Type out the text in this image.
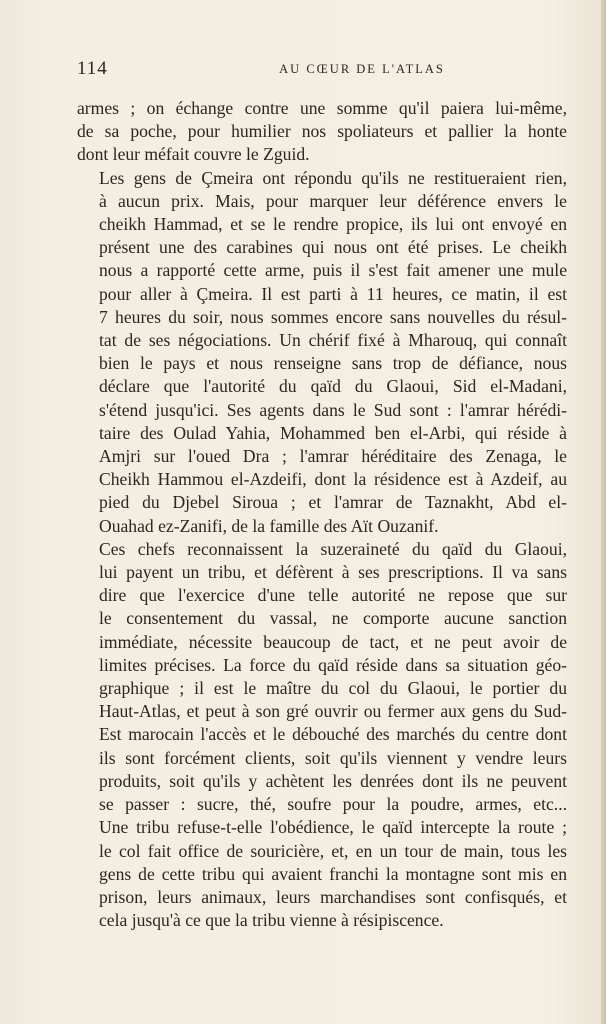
114	AU CŒUR DE L'ATLAS

armes ; on échange contre une somme qu'il paiera lui-même,
de sa poche, pour humilier nos spoliateurs et pallier la honte
dont leur méfait couvre le Zguid.

Les gens de Çmeira ont répondu qu'ils ne restitueraient rien,
à aucun prix. Mais, pour marquer leur déférence envers le
cheikh Hammad, et se le rendre propice, ils lui ont envoyé en
présent une des carabines qui nous ont été prises. Le cheikh
nous a rapporté cette arme, puis il s'est fait amener une mule
pour aller à Çmeira. Il est parti à 11 heures, ce matin, il est
7 heures du soir, nous sommes encore sans nouvelles du résul-
tat de ses négociations. Un chérif fixé à Mharouq, qui connaît
bien le pays et nous renseigne sans trop de défiance, nous
déclare que l'autorité du qaïd du Glaoui, Sid el-Madani,
s'étend jusqu'ici. Ses agents dans le Sud sont : l'amrar hérédi-
taire des Oulad Yahia, Mohammed ben el-Arbi, qui réside à
Amjri sur l'oued Dra ; l'amrar héréditaire des Zenaga, le
Cheikh Hammou el-Azdeifi, dont la résidence est à Azdeif, au
pied du Djebel Siroua ; et l'amrar de Taznakht, Abd el-
Ouahad ez-Zanifi, de la famille des Aït Ouzanif.

Ces chefs reconnaissent la suzeraineté du qaïd du Glaoui,
lui payent un tribu, et défèrent à ses prescriptions. Il va sans
dire que l'exercice d'une telle autorité ne repose que sur
le consentement du vassal, ne comporte aucune sanction
immédiate, nécessite beaucoup de tact, et ne peut avoir de
limites précises. La force du qaïd réside dans sa situation géo-
graphique ; il est le maître du col du Glaoui, le portier du
Haut-Atlas, et peut à son gré ouvrir ou fermer aux gens du Sud-
Est marocain l'accès et le débouché des marchés du centre dont
ils sont forcément clients, soit qu'ils viennent y vendre leurs
produits, soit qu'ils y achètent les denrées dont ils ne peuvent
se passer : sucre, thé, soufre pour la poudre, armes, etc...
Une tribu refuse-t-elle l'obédience, le qaïd intercepte la route ;
le col fait office de souricière, et, en un tour de main, tous les
gens de cette tribu qui avaient franchi la montagne sont mis en
prison, leurs animaux, leurs marchandises sont confisqués, et
cela jusqu'à ce que la tribu vienne à résipiscence.
